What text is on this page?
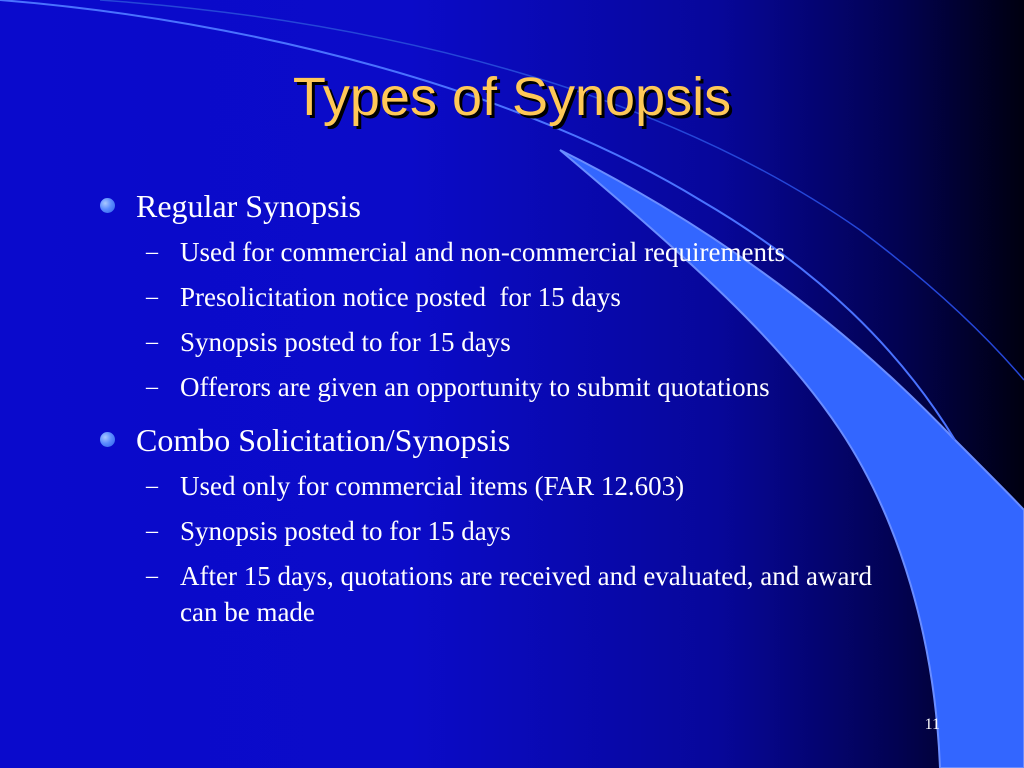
Types of Synopsis
Regular Synopsis
– Used for commercial and non-commercial requirements
– Presolicitation notice posted  for 15 days
– Synopsis posted to for 15 days
– Offerors are given an opportunity to submit quotations
Combo Solicitation/Synopsis
– Used only for commercial items (FAR 12.603)
– Synopsis posted to for 15 days
– After 15 days, quotations are received and evaluated, and award can be made
11
